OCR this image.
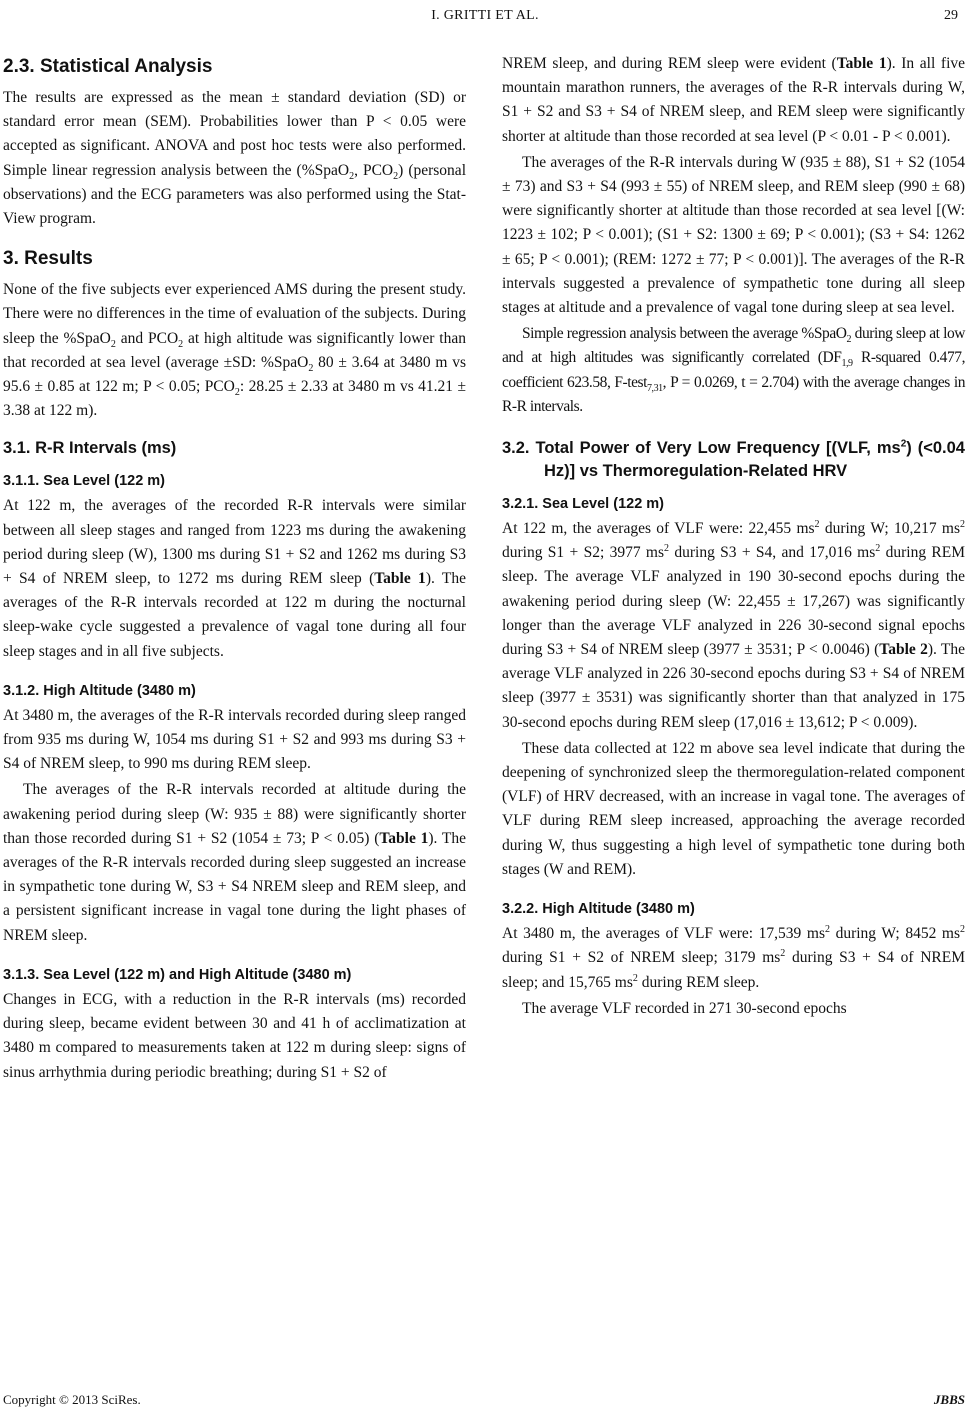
I. GRITTI ET AL.	29
2.3. Statistical Analysis

The results are expressed as the mean ± standard deviation (SD) or standard error mean (SEM). Probabilities lower than P < 0.05 were accepted as significant. ANOVA and post hoc tests were also performed. Simple linear regression analysis between the (%SpaO$_2$, $PCO_2$) (personal observations) and the ECG parameters was also performed using the Stat-View program.

3. Results

None of the five subjects ever experienced AMS during the present study. There were no differences in the time of evaluation of the subjects. During sleep the %SpaO$_2$ and $PCO_2$ at high altitude was significantly lower than that recorded at sea level (average ±SD: %SpaO$_2$ 80 ± 3.64 at 3480 m vs 95.6 ± 0.85 at 122 m; P < 0.05; $PCO_2$: 28.25 ± 2.33 at 3480 m vs 41.21 ± 3.38 at 122 m).

3.1. R-R Intervals (ms)
3.1.1. Sea Level (122 m)

At 122 m, the averages of the recorded R-R intervals were similar between all sleep stages and ranged from 1223 ms during the awakening period during sleep (W), 1300 ms during S1 + S2 and 1262 ms during S3 + S4 of NREM sleep, to 1272 ms during REM sleep (Table 1). The averages of the R-R intervals recorded at 122 m during the nocturnal sleep-wake cycle suggested a prevalence of vagal tone during all four sleep stages and in all five subjects.

3.1.2. High Altitude (3480 m)

At 3480 m, the averages of the R-R intervals recorded during sleep ranged from 935 ms during W, 1054 ms during S1 + S2 and 993 ms during S3 + S4 of NREM sleep, to 990 ms during REM sleep.

The averages of the R-R intervals recorded at altitude during the awakening period during sleep (W: 935 ± 88) were significantly shorter than those recorded during S1 + S2 (1054 ± 73; P < 0.05) (Table 1). The averages of the R-R intervals recorded during sleep suggested an increase in sympathetic tone during W, S3 + S4 NREM sleep and REM sleep, and a persistent significant increase in vagal tone during the light phases of NREM sleep.

3.1.3. Sea Level (122 m) and High Altitude (3480 m)

Changes in ECG, with a reduction in the R-R intervals (ms) recorded during sleep, became evident between 30 and 41 h of acclimatization at 3480 m compared to measurements taken at 122 m during sleep: signs of sinus arrhythmia during periodic breathing; during S1 + S2 of

NREM sleep, and during REM sleep were evident (Table 1). In all five mountain marathon runners, the averages of the R-R intervals during W, S1 + S2 and S3 + S4 of NREM sleep, and REM sleep were significantly shorter at altitude than those recorded at sea level (P < 0.01 - P < 0.001).

The averages of the R-R intervals during W (935 ± 88), S1 + S2 (1054 ± 73) and S3 + S4 (993 ± 55) of NREM sleep, and REM sleep (990 ± 68) were significantly shorter at altitude than those recorded at sea level [(W: 1223 ± 102; P < 0.001); (S1 + S2: 1300 ± 69; P < 0.001); (S3 + S4: 1262 ± 65; P < 0.001); (REM: 1272 ± 77; P < 0.001)]. The averages of the R-R intervals suggested a prevalence of sympathetic tone during all sleep stages at altitude and a prevalence of vagal tone during sleep at sea level.

Simple regression analysis between the average %SpaO$_2$ during sleep at low and at high altitudes was significantly correlated ($DF_{1,9}$ R-squared 0.477, coefficient 623.58, F-test$_{7,31}$, P = 0.0269, t = 2.704) with the average changes in R-R intervals.

3.2. Total Power of Very Low Frequency [(VLF, $ms^2$) (<0.04 Hz)] vs Thermoregulation-Related HRV
3.2.1. Sea Level (122 m)

At 122 m, the averages of VLF were: 22,455 $ms^2$ during W; 10,217 $ms^2$ during S1 + S2; 3977 $ms^2$ during S3 + S4, and 17,016 $ms^2$ during REM sleep. The average VLF analyzed in 190 30-second epochs during the awakening period during sleep (W: 22,455 ± 17,267) was significantly longer than the average VLF analyzed in 226 30-second signal epochs during S3 + S4 of NREM sleep (3977 ± 3531; P < 0.0046) (Table 2). The average VLF analyzed in 226 30-second epochs during S3 + S4 of NREM sleep (3977 ± 3531) was significantly shorter than that analyzed in 175 30-second epochs during REM sleep (17,016 ± 13,612; P < 0.009).

These data collected at 122 m above sea level indicate that during the deepening of synchronized sleep the thermoregulation-related component (VLF) of HRV decreased, with an increase in vagal tone. The averages of VLF during REM sleep increased, approaching the average recorded during W, thus suggesting a high level of sympathetic tone during both stages (W and REM).

3.2.2. High Altitude (3480 m)

At 3480 m, the averages of VLF were: 17,539 $ms^2$ during W; 8452 $ms^2$ during S1 + S2 of NREM sleep; 3179 $ms^2$ during S3 + S4 of NREM sleep; and 15,765 $ms^2$ during REM sleep.

The average VLF recorded in 271 30-second epochs

Copyright © 2013 SciRes.	JBBS
